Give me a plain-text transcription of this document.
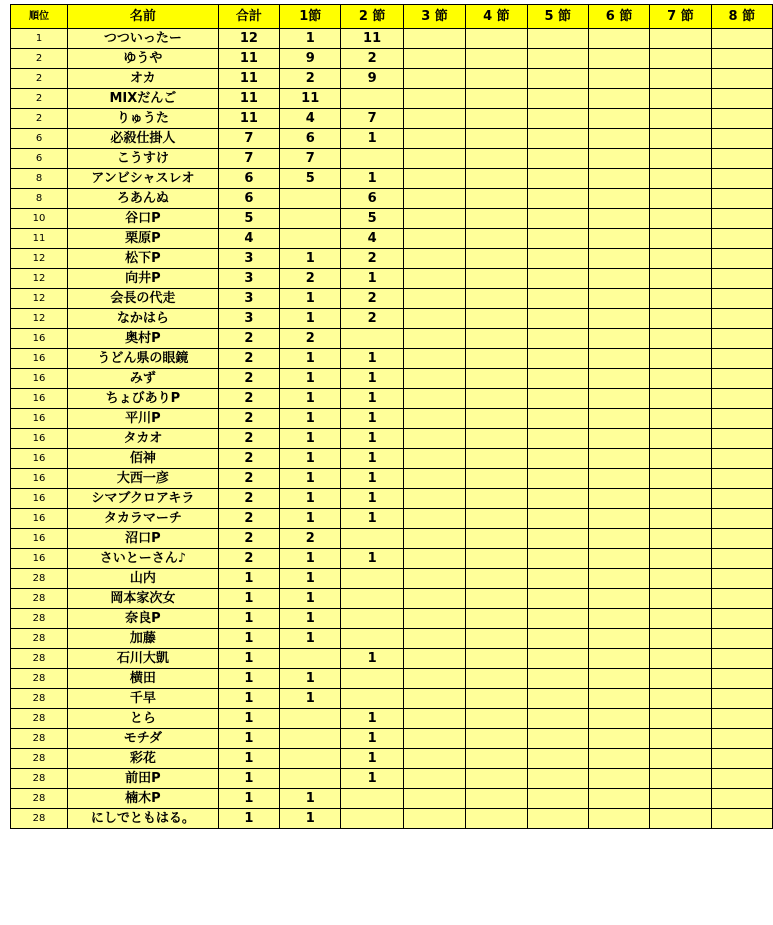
順位	名前	合計	1節	2 節	3 節	4 節	5 節	6 節	7 節	8 節
1	つついったー	12	1	11						
2	ゆうや	11	9	2						
2	オカ	11	2	9						
2	MIXだんご	11	11							
2	りゅうた	11	4	7						
6	必殺仕掛人	7	6	1						
6	こうすけ	7	7							
8	アンビシャスレオ	6	5	1						
8	ろあんぬ	6		6						
10	谷口P	5		5						
11	栗原P	4		4						
12	松下P	3	1	2						
12	向井P	3	2	1						
12	会長の代走	3	1	2						
12	なかはら	3	1	2						
16	奥村P	2	2							
16	うどん県の眼鏡	2	1	1						
16	みず	2	1	1						
16	ちょびありP	2	1	1						
16	平川P	2	1	1						
16	タカオ	2	1	1						
16	佰神	2	1	1						
16	大西一彦	2	1	1						
16	シマブクロアキラ	2	1	1						
16	タカラマーチ	2	1	1						
16	沼口P	2	2							
16	さいとーさん♪	2	1	1						
28	山内	1	1							
28	岡本家次女	1	1							
28	奈良P	1	1							
28	加藤	1	1							
28	石川大凱	1		1						
28	横田	1	1							
28	千早	1	1							
28	とら	1		1						
28	モチダ	1		1						
28	彩花	1		1						
28	前田P	1		1						
28	楠木P	1	1							
28	にしでともはる。	1	1							
